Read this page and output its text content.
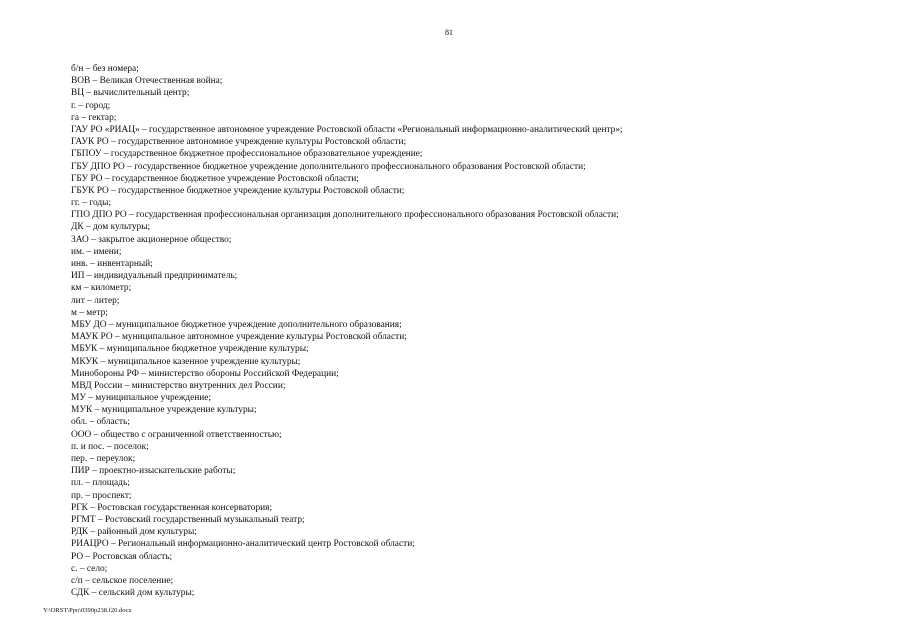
81
б/н – без номера;
ВОВ – Великая Отечественная война;
ВЦ – вычислительный центр;
г. – город;
га – гектар;
ГАУ РО «РИАЦ» – государственное автономное учреждение Ростовской области «Региональный информационно-аналитический центр»;
ГАУК РО – государственное автономное учреждение культуры Ростовской области;
ГБПОУ – государственное бюджетное профессиональное образовательное учреждение;
ГБУ ДПО РО – государственное бюджетное учреждение дополнительного профессионального образования Ростовской области;
ГБУ РО – государственное бюджетное учреждение Ростовской области;
ГБУК РО – государственное бюджетное учреждение культуры Ростовской области;
гг. – годы;
ГПО ДПО РО – государственная профессиональная организация дополнительного профессионального образования Ростовской области;
ДК – дом культуры;
ЗАО – закрытое акционерное общество;
им. – имени;
инв. – инвентарный;
ИП – индивидуальный предприниматель;
км – километр;
лит – литер;
м – метр;
МБУ ДО – муниципальное бюджетное учреждение дополнительного образования;
МАУК РО – муниципальное автономное учреждение культуры Ростовской области;
МБУК – муниципальное бюджетное учреждение культуры;
МКУК – муниципальное казенное учреждение культуры;
Минобороны РФ – министерство обороны Российской Федерации;
МВД России – министерство внутренних дел России;
МУ – муниципальное учреждение;
МУК – муниципальное учреждение культуры;
обл. – область;
ООО – общество с ограниченной ответственностью;
п. и пос. – поселок;
пер. – переулок;
ПИР – проектно-изыскательские работы;
пл. – площадь;
пр. – проспект;
РГК – Ростовская государственная консерватория;
РГМТ – Ростовский государственный музыкальный театр;
РДК – районный дом культуры;
РИАЦРО – Региональный информационно-аналитический центр Ростовской области;
РО – Ростовская область;
с. – село;
с/п – сельское поселение;
СДК – сельский дом культуры;
Y:\ORST\Ppo\0390p238.f20.docx
